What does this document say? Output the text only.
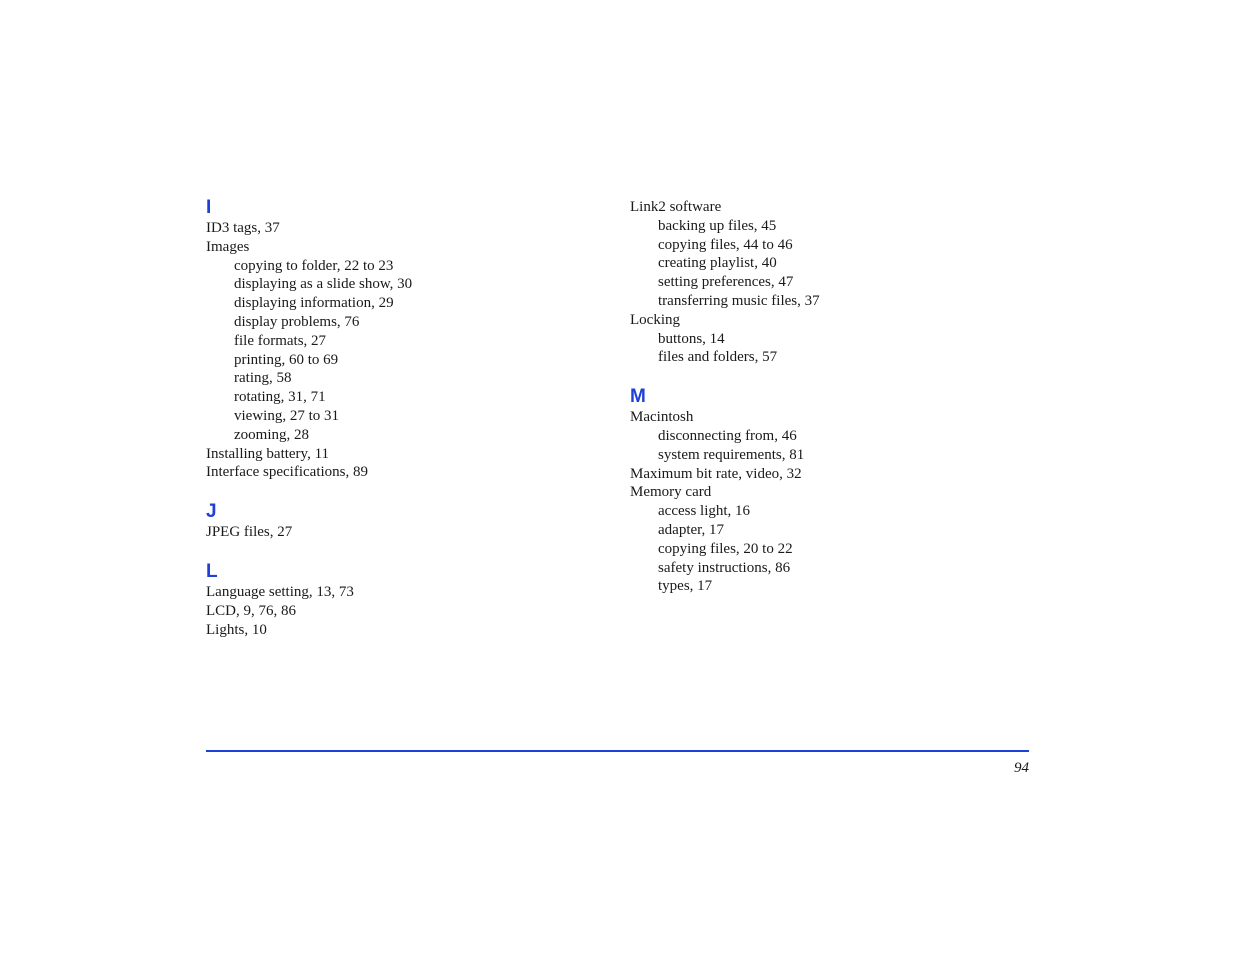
I
ID3 tags, 37
Images
copying to folder, 22 to 23
displaying as a slide show, 30
displaying information, 29
display problems, 76
file formats, 27
printing, 60 to 69
rating, 58
rotating, 31, 71
viewing, 27 to 31
zooming, 28
Installing battery, 11
Interface specifications, 89
J
JPEG files, 27
L
Language setting, 13, 73
LCD, 9, 76, 86
Lights, 10
Link2 software
backing up files, 45
copying files, 44 to 46
creating playlist, 40
setting preferences, 47
transferring music files, 37
Locking
buttons, 14
files and folders, 57
M
Macintosh
disconnecting from, 46
system requirements, 81
Maximum bit rate, video, 32
Memory card
access light, 16
adapter, 17
copying files, 20 to 22
safety instructions, 86
types, 17
94
